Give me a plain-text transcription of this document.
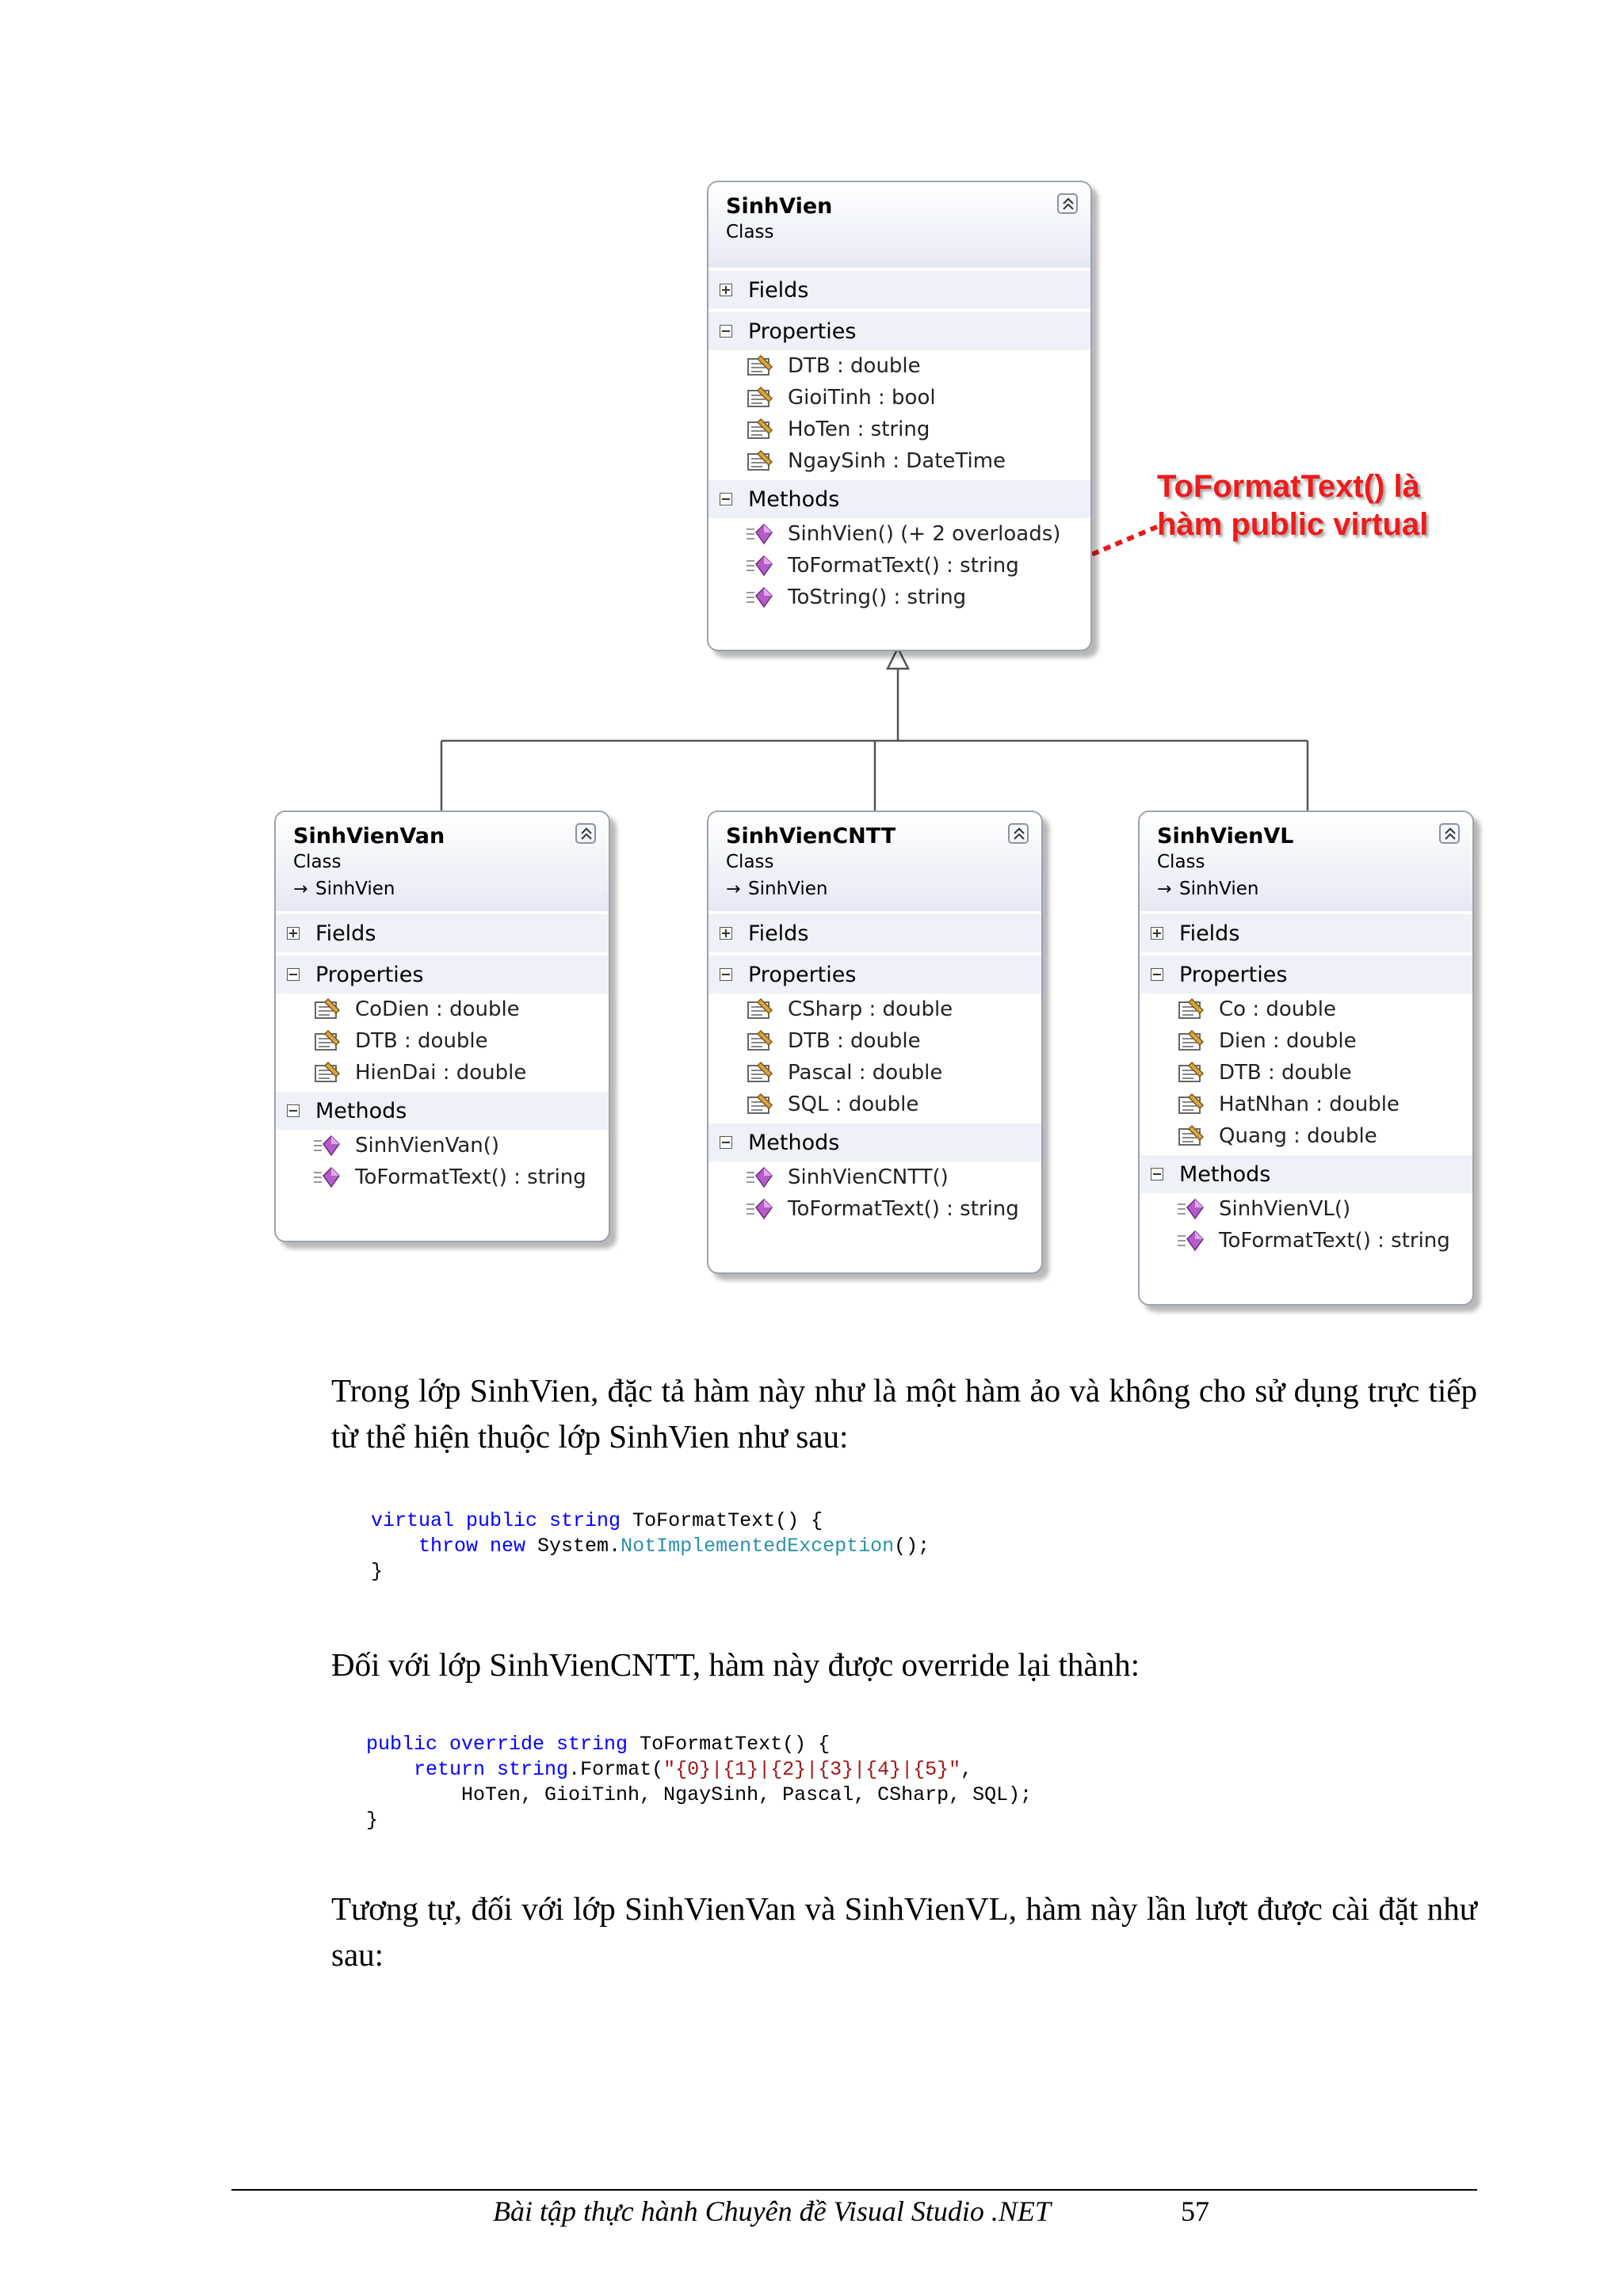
ToFormatText() là
hàm public virtual
SinhVien
Class
Fields
Properties
DTB : double
GioiTinh : bool
HoTen : string
NgaySinh : DateTime
Methods
SinhVien() (+ 2 overloads)
ToFormatText() : string
ToString() : string
SinhVienVan
Class
→ SinhVien
Fields
Properties
CoDien : double
DTB : double
HienDai : double
Methods
SinhVienVan()
ToFormatText() : string
SinhVienCNTT
Class
→ SinhVien
Fields
Properties
CSharp : double
DTB : double
Pascal : double
SQL : double
Methods
SinhVienCNTT()
ToFormatText() : string
SinhVienVL
Class
→ SinhVien
Fields
Properties
Co : double
Dien : double
DTB : double
HatNhan : double
Quang : double
Methods
SinhVienVL()
ToFormatText() : string
Trong lớp SinhVien, đặc tả hàm này như là một hàm ảo và không cho sử dụng trực tiếp từ thể hiện thuộc lớp SinhVien như sau:
virtual public string ToFormatText() {
throw new System.NotImplementedException();
}
Đối với lớp SinhVienCNTT, hàm này được override lại thành:
public override string ToFormatText() {
return string.Format("{0}|{1}|{2}|{3}|{4}|{5}",
HoTen, GioiTinh, NgaySinh, Pascal, CSharp, SQL);
}
Tương tự, đối với lớp SinhVienVan và SinhVienVL, hàm này lần lượt được cài đặt như sau:
Bài tập thực hành Chuyên đề Visual Studio .NET	57
